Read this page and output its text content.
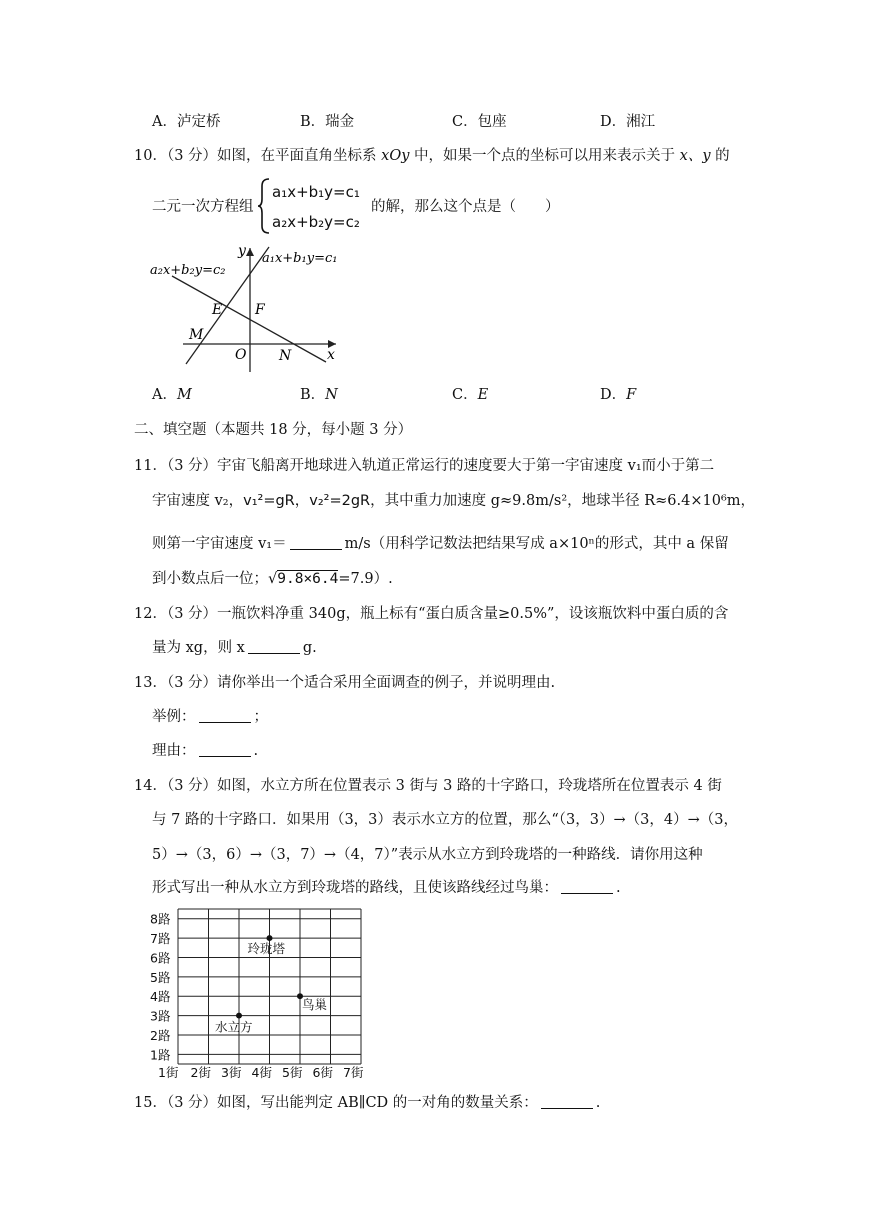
A．泸定桥	B．瑞金	C．包座	D．湘江
10．（3 分）如图，在平面直角坐标系 xOy 中，如果一个点的坐标可以用来表示关于 x、y 的
二元一次方程组
a₁x+b₁y=c₁
a₂x+b₂y=c₂
的解，那么这个点是（　　）
a₁x+b₁y=c₁
a₂x+b₂y=c₂
y
x
O
E F
M
N
A．M	B．N	C．E	D．F
二、填空题（本题共 18 分，每小题 3 分）
11．（3 分）宇宙飞船离开地球进入轨道正常运行的速度要大于第一宇宙速度 v₁而小于第二
宇宙速度 v₂，v₁²=gR，v₂²=2gR，其中重力加速度 g≈9.8m/s²，地球半径 R≈6.4×10⁶m，
则第一宇宙速度 v₁＝	m/s（用科学记数法把结果写成 a×10ⁿ的形式，其中 a 保留
到小数点后一位；√9.8×6.4=7.9）.
12．（3 分）一瓶饮料净重 340g，瓶上标有“蛋白质含量≥0.5%”，设该瓶饮料中蛋白质的含
量为 xg，则 x	g.
13．（3 分）请你举出一个适合采用全面调查的例子，并说明理由.
举例：	；
理由：	.
14．（3 分）如图，水立方所在位置表示 3 街与 3 路的十字路口，玲珑塔所在位置表示 4 街
与 7 路的十字路口．如果用（3，3）表示水立方的位置，那么“（3，3）→（3，4）→（3，
5）→（3，6）→（3，7）→（4，7）”表示从水立方到玲珑塔的一种路线．请你用这种
形式写出一种从水立方到玲珑塔的路线，且使该路线经过鸟巢：	.
1路
2路
3路
4路
5路
6路
7路
8路
1街 2街 3街 4街 5街 6街 7街
玲珑塔
鸟巢
水立方
15．（3 分）如图，写出能判定 AB∥CD 的一对角的数量关系：	.
